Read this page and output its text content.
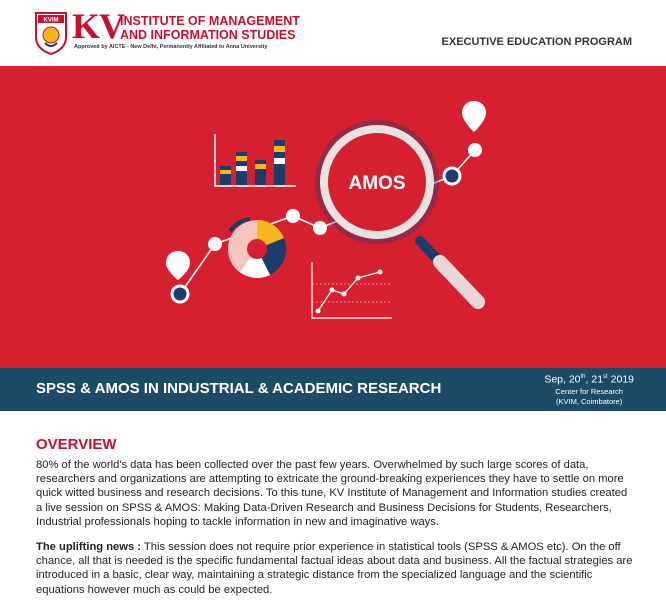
KVIM KV
INSTITUTE OF MANAGEMENT
AND INFORMATION STUDIES
Approved by AICTE - New Delhi, Permanently Affiliated to Anna University	EXECUTIVE EDUCATION PROGRAM
AMOS
SPSS & AMOS IN INDUSTRIAL & ACADEMIC RESEARCH
Sep, 20th, 21st 2019
Center for Research
(KVIM, Coimbatore)
OVERVIEW

80% of the world's data has been collected over the past few years. Overwhelmed by such large scores of data, researchers and organizations are attempting to extricate the ground-breaking experiences they have to settle on more quick witted business and research decisions. To this tune, KV Institute of Management and Information studies created a live session on SPSS & AMOS: Making Data-Driven Research and Business Decisions for Students, Researchers, Industrial professionals hoping to tackle information in new and imaginative ways.

The uplifting news : This session does not require prior experience in statistical tools (SPSS & AMOS etc). On the off chance, all that is needed is the specific fundamental factual ideas about data and business. All the factual strategies are introduced in a basic, clear way, maintaining a strategic distance from the specialized language and the scientific equations however much as could be expected.
